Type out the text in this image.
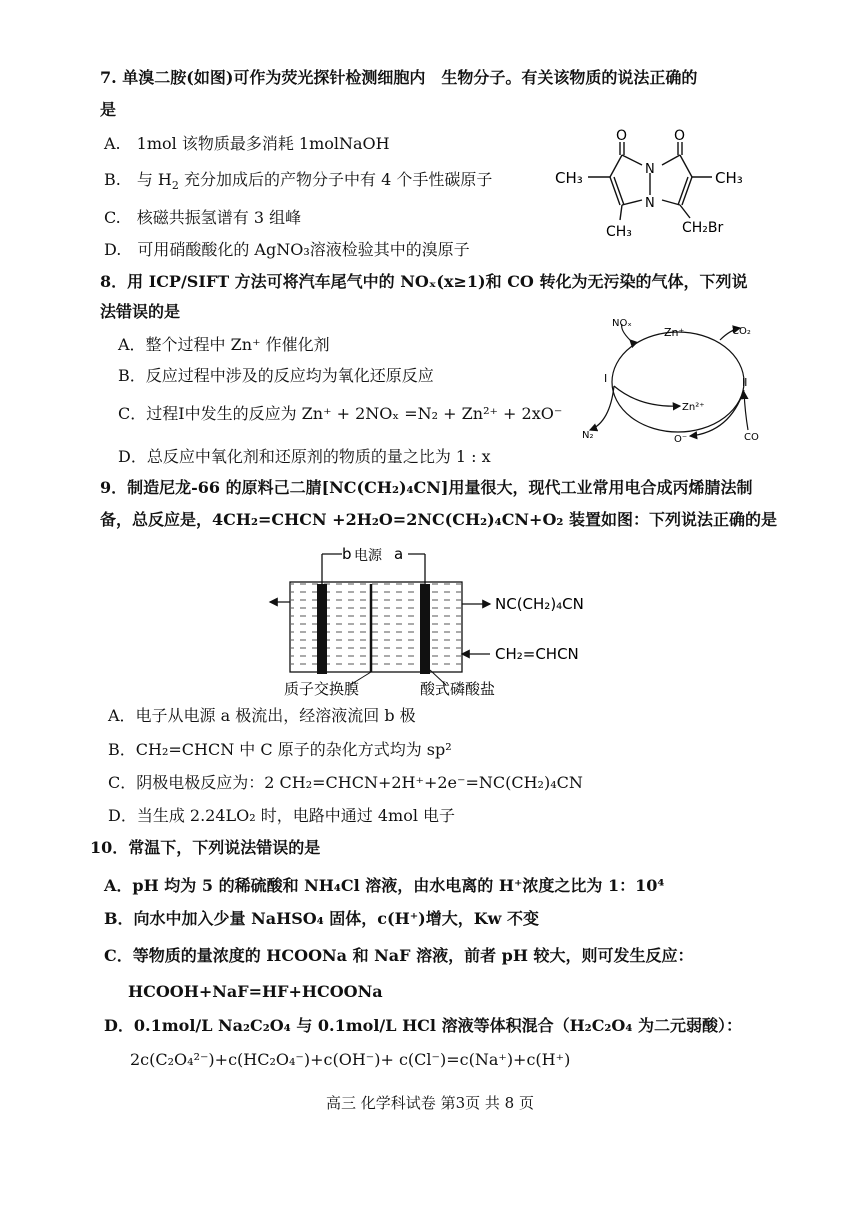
7. 单溴二胺(如图)可作为荧光探针检测细胞内　生物分子。有关该物质的说法正确的
是
A.　1mol 该物质最多消耗 1molNaOH
B.　与 $H_2$ 充分加成后的产物分子中有 4 个手性碳原子
C.　核磁共振氢谱有 3 组峰
D.　可用硝酸酸化的 AgNO₃溶液检验其中的溴原子
O	O
N
N
CH₃	CH₃
CH₃	CH₂Br
8．用 ICP/SIFT 方法可将汽车尾气中的 NOₓ(x≥1)和 CO 转化为无污染的气体，下列说
法错误的是
A．整个过程中 Zn⁺ 作催化剂
B．反应过程中涉及的反应均为氧化还原反应
C．过程Ⅰ中发生的反应为 Zn⁺ + 2NOₓ =N₂ + Zn²⁺ + 2xO⁻
D．总反应中氧化剂和还原剂的物质的量之比为 1 : x
NOₓ
Zn⁺	CO₂
Ⅰ	Ⅱ
Zn²⁺
N₂	O⁻	CO
9．制造尼龙-66 的原料己二腈[NC(CH₂)₄CN]用量很大，现代工业常用电合成丙烯腈法制
备，总反应是，4CH₂=CHCN +2H₂O=2NC(CH₂)₄CN+O₂ 装置如图：下列说法正确的是
b 电源 a
NC(CH₂)₄CN
CH₂=CHCN
质子交换膜	酸式磷酸盐
A．电子从电源 a 极流出，经溶液流回 b 极
B．CH₂=CHCN 中 C 原子的杂化方式均为 sp²
C．阴极电极反应为：2 CH₂=CHCN+2H⁺+2e⁻=NC(CH₂)₄CN
D．当生成 2.24LO₂ 时，电路中通过 4mol 电子
10．常温下，下列说法错误的是
A．pH 均为 5 的稀硫酸和 NH₄Cl 溶液，由水电离的 H⁺浓度之比为 1：10⁴
B．向水中加入少量 NaHSO₄ 固体，c(H⁺)增大，Kw 不变
C．等物质的量浓度的 HCOONa 和 NaF 溶液，前者 pH 较大，则可发生反应：
HCOOH+NaF=HF+HCOONa
D．0.1mol/L Na₂C₂O₄ 与 0.1mol/L HCl 溶液等体积混合（H₂C₂O₄ 为二元弱酸）：
2c(C₂O₄²⁻)+c(HC₂O₄⁻)+c(OH⁻)+ c(Cl⁻)=c(Na⁺)+c(H⁺)
高三 化学科试卷 第3页 共 8 页
